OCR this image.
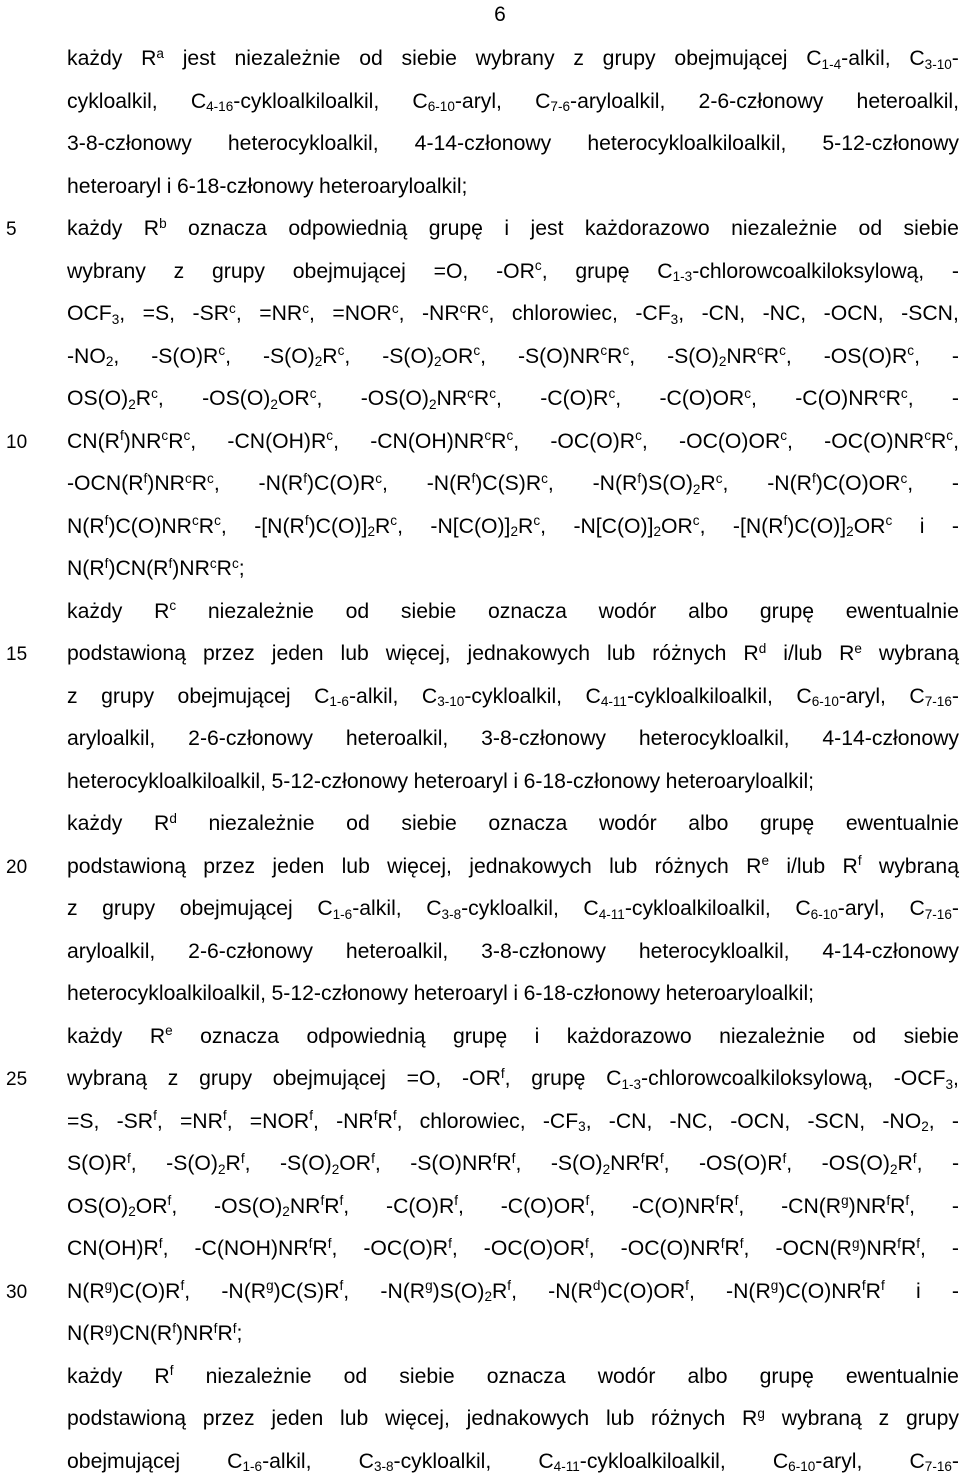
6
5
10
15
20
25
30
każdy $R^a$ jest niezależnie od siebie wybrany z grupy obejmującej $C_{1-4}$-alkil, $C_{3-10}-$
cykloalkil, $C_{4-16}$-cykloalkiloalkil, $C_{6-10}$-aryl, $C_{7-6}$-aryloalkil, 2-6-członowy heteroalkil,
3-8-członowy heterocykloalkil, 4-14-członowy heterocykloalkiloalkil, 5-12-członowy
heteroaryl i 6-18-członowy heteroaryloalkil;
każdy $R^b$ oznacza odpowiednią grupę i jest każdorazowo niezależnie od siebie
wybrany z grupy obejmującej =O, $-OR^c$, grupę $C_{1-3}$-chlorowcoalkiloksylową, -
$OCF_3$, =S, $-SR^c$, $=NR^c$, $=NOR^c$, $-NR^cR^c$, chlorowiec, $-CF_3$, -CN, -NC, -OCN, -SCN,
$-NO_2$, $-S(O)R^c$, $-S(O)_2R^c$, $-S(O)_2OR^c$, $-S(O)NR^cR^c$, $-S(O)_2NR^cR^c$, $-OS(O)R^c$, -
$OS(O)_2R^c$, $-OS(O)_2OR^c$, $-OS(O)_2NR^cR^c$, $-C(O)R^c$, $-C(O)OR^c$, $-C(O)NR^cR^c$, -
$CN(R^f)NR^cR^c$, $-CN(OH)R^c$, $-CN(OH)NR^cR^c$, $-OC(O)R^c$, $-OC(O)OR^c$, $-OC(O)NR^cR^c$,
$-OCN(R^f)NR^cR^c$, $-N(R^f)C(O)R^c$, $-N(R^f)C(S)R^c$, $-N(R^f)S(O)_2R^c$, $-N(R^f)C(O)OR^c$, -
$N(R^f)C(O)NR^cR^c$, $-[N(R^f)C(O)]_2R^c$, $-N[C(O)]_2R^c$, $-N[C(O)]_2OR^c$, $-[N(R^f)C(O)]_2OR^c$ i -
$N(R^f)CN(R^f)NR^cR^c$;
każdy $R^c$ niezależnie od siebie oznacza wodór albo grupę ewentualnie
podstawioną przez jeden lub więcej, jednakowych lub różnych $R^d$ i/lub $R^e$ wybraną
z grupy obejmującej $C_{1-6}$-alkil, $C_{3-10}$-cykloalkil, $C_{4-11}$-cykloalkiloalkil, $C_{6-10}$-aryl, $C_{7-16}-$
aryloalkil, 2-6-członowy heteroalkil, 3-8-członowy heterocykloalkil, 4-14-członowy
heterocykloalkiloalkil, 5-12-członowy heteroaryl i 6-18-członowy heteroaryloalkil;
każdy $R^d$ niezależnie od siebie oznacza wodór albo grupę ewentualnie
podstawioną przez jeden lub więcej, jednakowych lub różnych $R^e$ i/lub $R^f$ wybraną
z grupy obejmującej $C_{1-6}$-alkil, $C_{3-8}$-cykloalkil, $C_{4-11}$-cykloalkiloalkil, $C_{6-10}$-aryl, $C_{7-16}-$
aryloalkil, 2-6-członowy heteroalkil, 3-8-członowy heterocykloalkil, 4-14-członowy
heterocykloalkiloalkil, 5-12-członowy heteroaryl i 6-18-członowy heteroaryloalkil;
każdy $R^e$ oznacza odpowiednią grupę i każdorazowo niezależnie od siebie
wybraną z grupy obejmującej =O, $-OR^f$, grupę $C_{1-3}$-chlorowcoalkiloksylową, $-OCF_3$,
=S, $-SR^f$, $=NR^f$, $=NOR^f$, $-NR^fR^f$, chlorowiec, $-CF_3$, -CN, -NC, -OCN, -SCN, $-NO_2$, -
$S(O)R^f$, $-S(O)_2R^f$, $-S(O)_2OR^f$, $-S(O)NR^fR^f$, $-S(O)_2NR^fR^f$, $-OS(O)R^f$, $-OS(O)_2R^f$, -
$OS(O)_2OR^f$, $-OS(O)_2NR^fR^f$, $-C(O)R^f$, $-C(O)OR^f$, $-C(O)NR^fR^f$, $-CN(R^g)NR^fR^f$, -
$CN(OH)R^f$, $-C(NOH)NR^fR^f$, $-OC(O)R^f$, $-OC(O)OR^f$, $-OC(O)NR^fR^f$, $-OCN(R^g)NR^fR^f$, -
$N(R^g)C(O)R^f$, $-N(R^g)C(S)R^f$, $-N(R^g)S(O)_2R^f$, $-N(R^d)C(O)OR^f$, $-N(R^g)C(O)NR^fR^f$ i -
$N(R^g)CN(R^f)NR^fR^f$;
każdy $R^f$ niezależnie od siebie oznacza wodór albo grupę ewentualnie
podstawioną przez jeden lub więcej, jednakowych lub różnych $R^g$ wybraną z grupy
obejmującej $C_{1-6}$-alkil, $C_{3-8}$-cykloalkil, $C_{4-11}$-cykloalkiloalkil, $C_{6-10}$-aryl, $C_{7-16}-$
